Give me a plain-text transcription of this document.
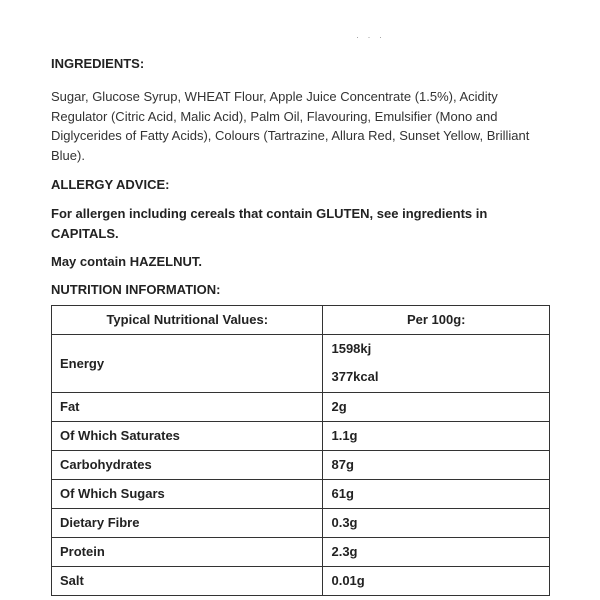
· · ·

INGREDIENTS:

Sugar, Glucose Syrup, WHEAT Flour, Apple Juice Concentrate (1.5%), Acidity Regulator (Citric Acid, Malic Acid), Palm Oil, Flavouring, Emulsifier (Mono and Diglycerides of Fatty Acids), Colours (Tartrazine, Allura Red, Sunset Yellow, Brilliant Blue).

ALLERGY ADVICE:

For allergen including cereals that contain GLUTEN, see ingredients in CAPITALS.

May contain HAZELNUT.

NUTRITION INFORMATION:

Typical Nutritional Values:	Per 100g:
Energy	1598kj
377kcal

Fat	2g
Of Which Saturates	1.1g
Carbohydrates	87g
Of Which Sugars	61g
Dietary Fibre	0.3g
Protein	2.3g
Salt	0.01g
